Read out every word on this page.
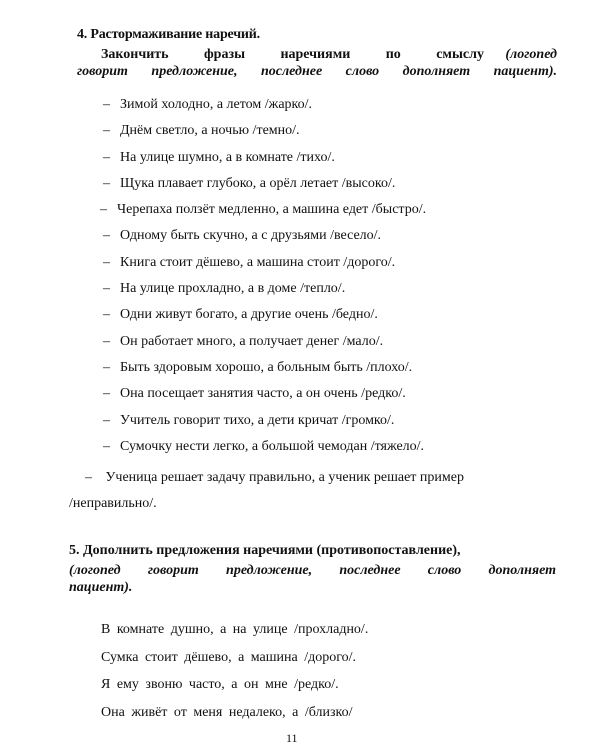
4. Растормаживание наречий.
Закончить фразы наречиями по смыслу (логопед
говорит предложение, последнее слово дополняет пациент).
– Зимой холодно, а летом /жарко/.
– Днём светло, а ночью /темно/.
– На улице шумно, а в комнате /тихо/.
– Щука плавает глубоко, а орёл летает /высоко/.
– Черепаха ползёт медленно, а машина едет /быстро/.
– Одному быть скучно, а с друзьями /весело/.
– Книга стоит дёшево, а машина стоит /дорого/.
– На улице прохладно, а в доме /тепло/.
– Одни живут богато, а другие очень /бедно/.
– Он работает много, а получает денег /мало/.
– Быть здоровым хорошо, а больным быть /плохо/.
– Она посещает занятия часто, а он очень /редко/.
– Учитель говорит тихо, а дети кричат /громко/.
– Сумочку нести легко, а большой чемодан /тяжело/.
– Ученица решает задачу правильно, а ученик решает пример
/неправильно/.
5. Дополнить предложения наречиями (противопоставление),
(логопед говорит предложение, последнее слово дополняет
пациент).
В комнате душно, а на улице /прохладно/.
Сумка стоит дёшево, а машина /дорого/.
Я ему звоню часто, а он мне /редко/.
Она живёт от меня недалеко, а /близко/
11
